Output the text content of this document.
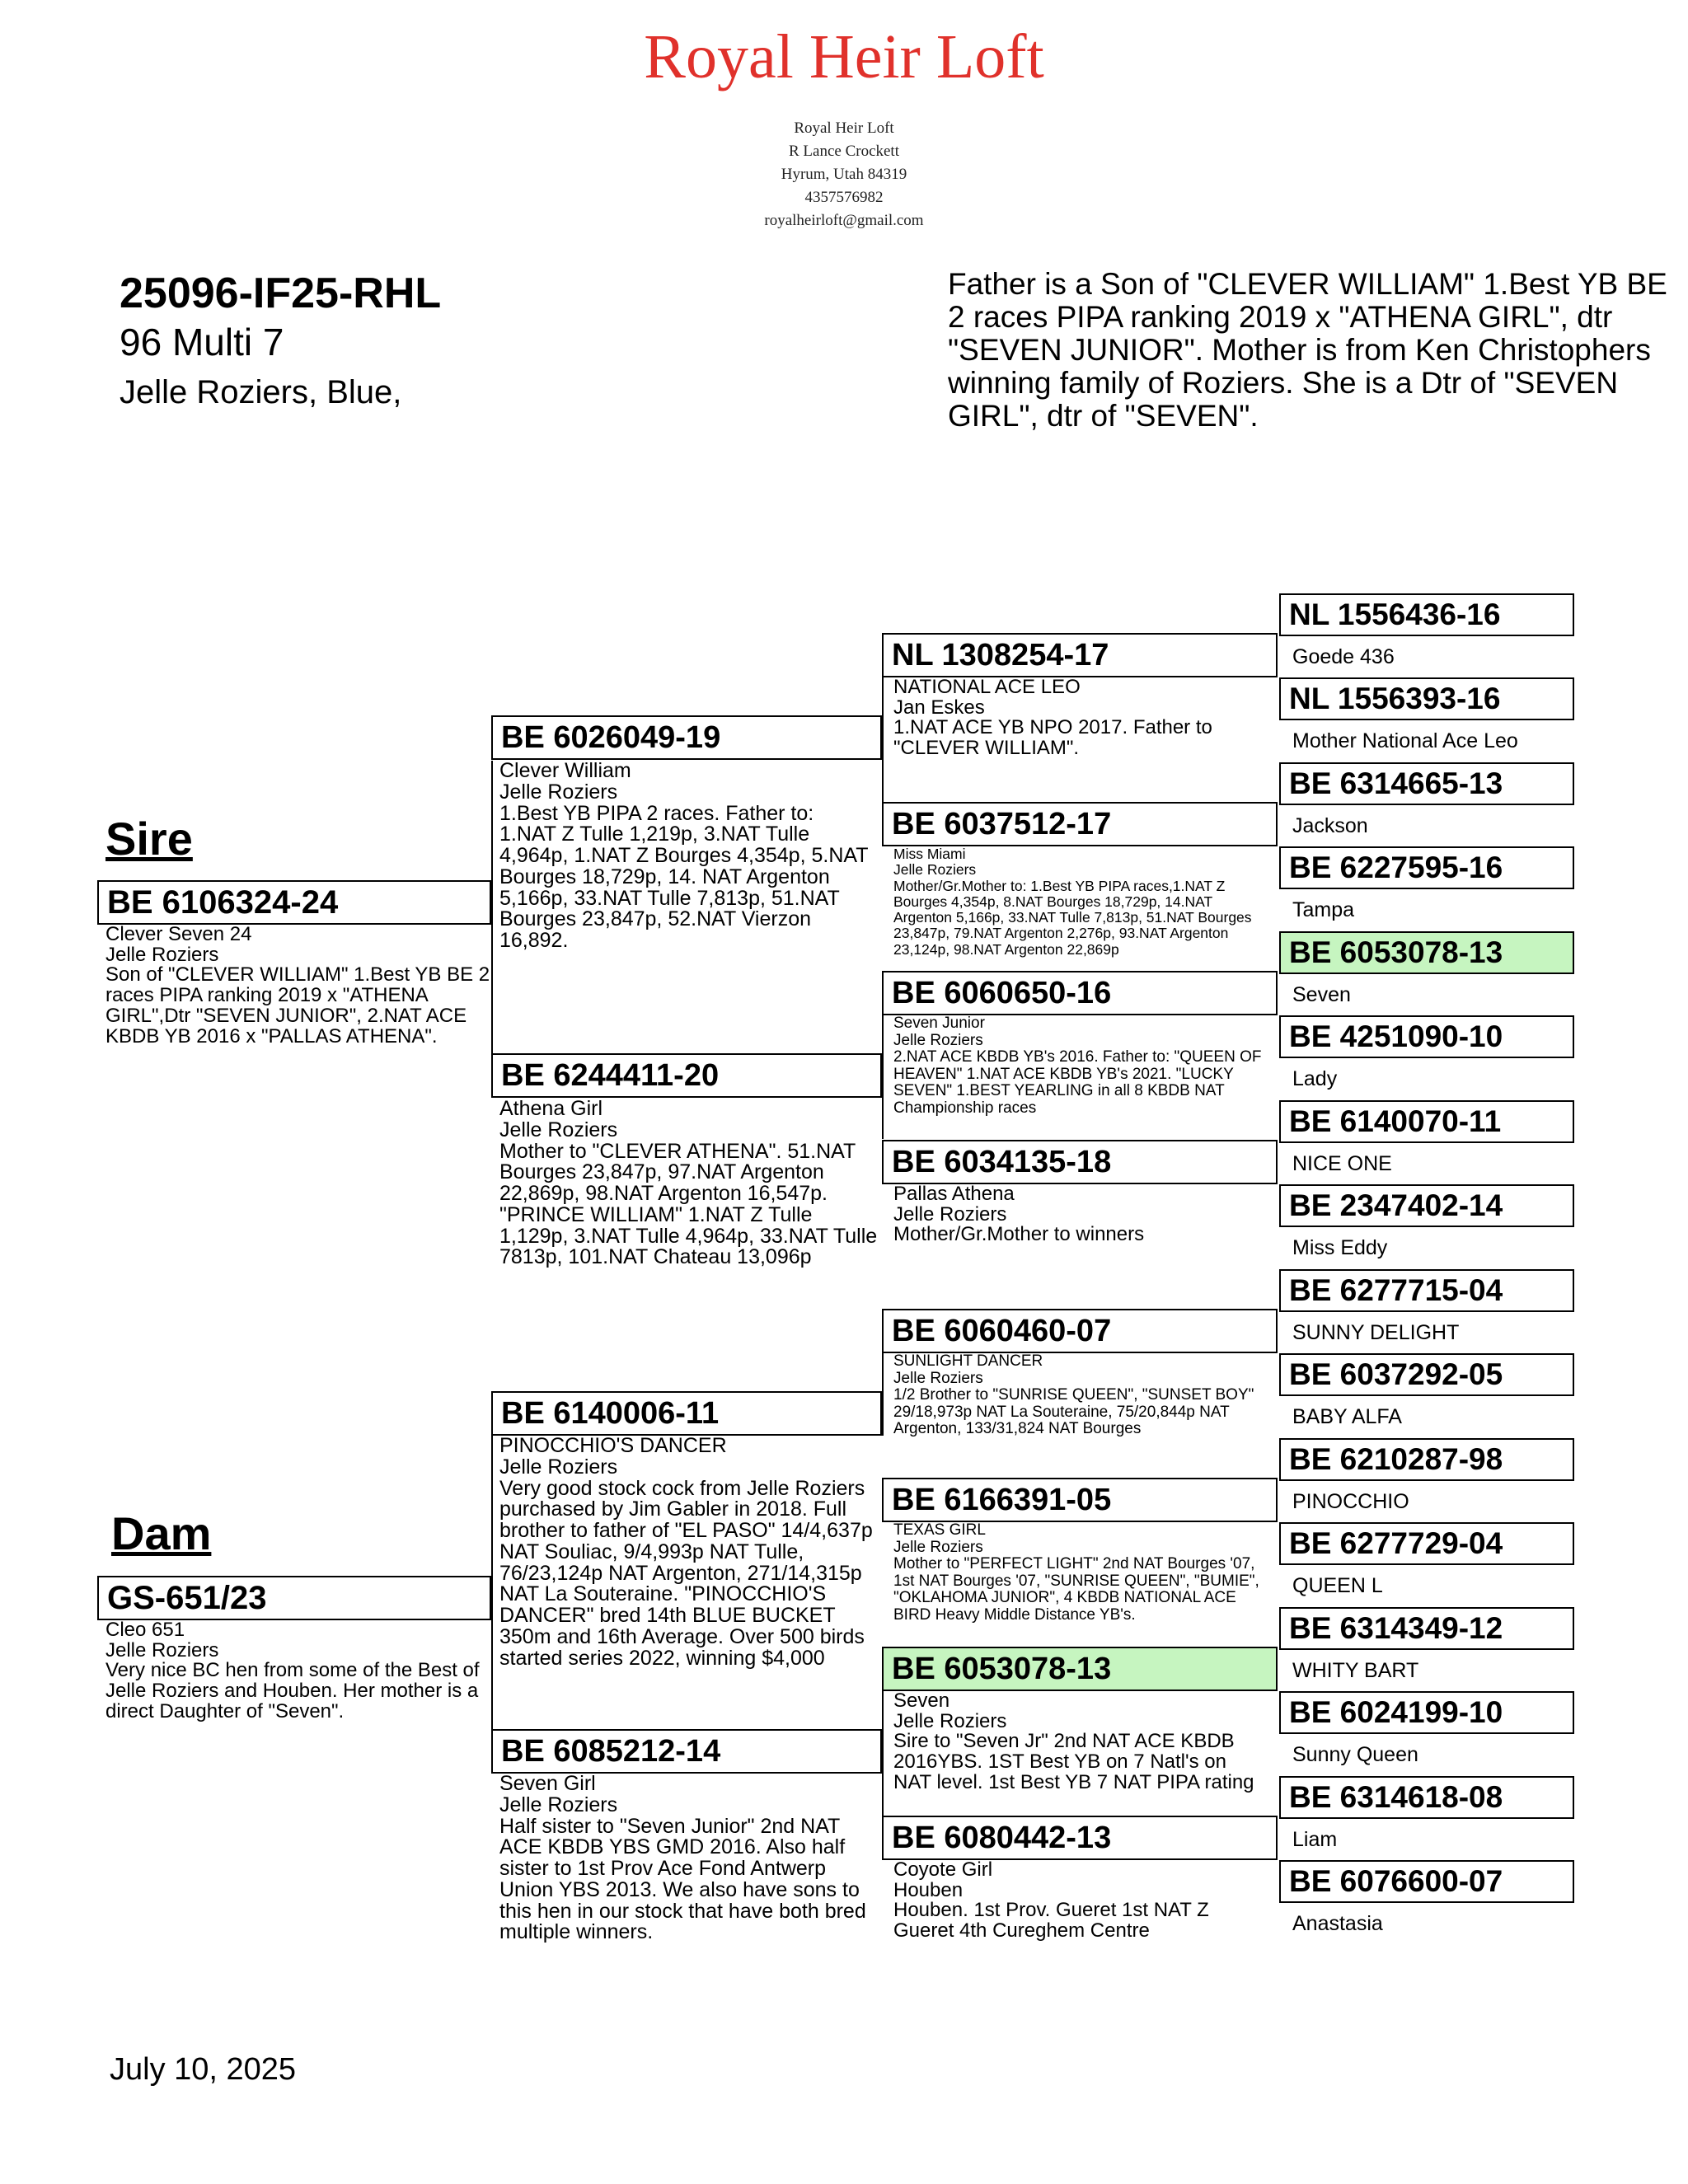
Royal Heir Loft
Royal Heir Loft
R Lance Crockett
Hyrum, Utah 84319
4357576982
royalheirloft@gmail.com
25096-IF25-RHL
96 Multi 7
Jelle Roziers, Blue,
Father is a Son of "CLEVER WILLIAM" 1.Best YB BE 2 races PIPA ranking 2019 x "ATHENA GIRL", dtr "SEVEN JUNIOR". Mother is from Ken Christophers winning family of Roziers. She is a Dtr of "SEVEN GIRL", dtr of "SEVEN".
Sire
BE 6106324-24
Clever Seven 24
Jelle Roziers
Son of "CLEVER WILLIAM" 1.Best YB BE 2 races PIPA ranking 2019 x "ATHENA GIRL",Dtr "SEVEN JUNIOR", 2.NAT ACE KBDB YB 2016 x "PALLAS ATHENA".
Dam
GS-651/23
Cleo 651
Jelle Roziers
Very nice BC hen from some of the Best of Jelle Roziers and Houben. Her mother is a direct Daughter of "Seven".
BE 6026049-19
Clever William
Jelle Roziers
1.Best YB PIPA 2 races. Father to: 1.NAT Z Tulle 1,219p, 3.NAT Tulle 4,964p, 1.NAT Z Bourges 4,354p, 5.NAT Bourges 18,729p, 14. NAT Argenton 5,166p, 33.NAT Tulle 7,813p, 51.NAT Bourges 23,847p, 52.NAT Vierzon 16,892.
BE 6244411-20
Athena Girl
Jelle Roziers
Mother to "CLEVER ATHENA". 51.NAT Bourges 23,847p, 97.NAT Argenton 22,869p, 98.NAT Argenton 16,547p. "PRINCE WILLIAM" 1.NAT Z Tulle 1,129p, 3.NAT Tulle 4,964p, 33.NAT Tulle 7813p, 101.NAT Chateau 13,096p
BE 6140006-11
PINOCCHIO'S DANCER
Jelle Roziers
Very good stock cock from Jelle Roziers purchased by Jim Gabler in 2018. Full brother to father of "EL PASO" 14/4,637p NAT Souliac, 9/4,993p NAT Tulle, 76/23,124p NAT Argenton, 271/14,315p NAT La Souteraine. "PINOCCHIO'S DANCER" bred 14th BLUE BUCKET 350m and 16th Average. Over 500 birds started series 2022, winning $4,000
BE 6085212-14
Seven Girl
Jelle Roziers
Half sister to "Seven Junior" 2nd NAT ACE KBDB YBS GMD 2016. Also half sister to 1st Prov Ace Fond Antwerp Union YBS 2013. We also have sons to this hen in our stock that have both bred multiple winners.
NL 1308254-17
NATIONAL ACE LEO
Jan Eskes
1.NAT ACE YB NPO 2017. Father to "CLEVER WILLIAM".
BE 6037512-17
Miss Miami
Jelle Roziers
Mother/Gr.Mother to: 1.Best YB PIPA races,1.NAT Z Bourges 4,354p, 8.NAT Bourges 18,729p, 14.NAT Argenton 5,166p, 33.NAT Tulle 7,813p, 51.NAT Bourges 23,847p, 79.NAT Argenton 2,276p, 93.NAT Argenton 23,124p, 98.NAT Argenton 22,869p
BE 6060650-16
Seven Junior
Jelle Roziers
2.NAT ACE KBDB YB's 2016. Father to: "QUEEN OF HEAVEN" 1.NAT ACE KBDB YB's 2021. "LUCKY SEVEN" 1.BEST YEARLING in all 8 KBDB NAT Championship races
BE 6034135-18
Pallas Athena
Jelle Roziers
Mother/Gr.Mother to winners
BE 6060460-07
SUNLIGHT DANCER
Jelle Roziers
1/2 Brother to "SUNRISE QUEEN", "SUNSET BOY" 29/18,973p NAT La Souteraine, 75/20,844p NAT Argenton, 133/31,824 NAT Bourges
BE 6166391-05
TEXAS GIRL
Jelle Roziers
Mother to "PERFECT LIGHT" 2nd NAT Bourges '07, 1st NAT Bourges '07, "SUNRISE QUEEN", "BUMIE", "OKLAHOMA JUNIOR", 4 KBDB NATIONAL ACE BIRD Heavy Middle Distance YB's.
BE 6053078-13
Seven
Jelle Roziers
Sire to "Seven Jr" 2nd NAT ACE KBDB 2016YBS. 1ST Best YB on 7 Natl's on NAT level. 1st Best YB 7 NAT PIPA rating
BE 6080442-13
Coyote Girl
Houben
Houben. 1st Prov. Gueret 1st NAT Z Gueret 4th Cureghem Centre
NL 1556436-16
Goede 436
NL 1556393-16
Mother National Ace Leo
BE 6314665-13
Jackson
BE 6227595-16
Tampa
BE 6053078-13
Seven
BE 4251090-10
Lady
BE 6140070-11
NICE ONE
BE 2347402-14
Miss Eddy
BE 6277715-04
SUNNY DELIGHT
BE 6037292-05
BABY ALFA
BE 6210287-98
PINOCCHIO
BE 6277729-04
QUEEN L
BE 6314349-12
WHITY BART
BE 6024199-10
Sunny Queen
BE 6314618-08
Liam
BE 6076600-07
Anastasia
July 10, 2025
